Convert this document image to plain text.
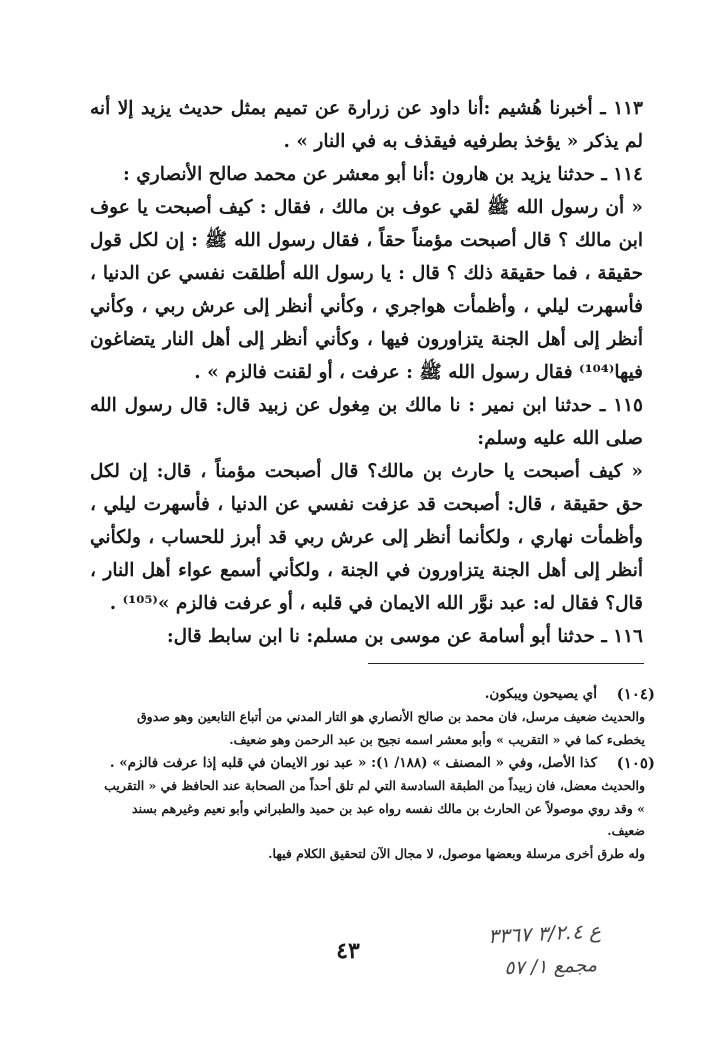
١١٣ ـ أخبرنا هُشيم :أنا داود عن زرارة عن تميم بمثل حديث يزيد إلا أنه لم يذكر « يؤخذ بطرفيه فيقذف به في النار » .

١١٤ ـ حدثنا يزيد بن هارون :أنا أبو معشر عن محمد صالح الأنصاري :

« أن رسول الله ﷺ لقي عوف بن مالك ، فقال : كيف أصبحت يا عوف ابن مالك ؟ قال أصبحت مؤمناً حقاً ، فقال رسول الله ﷺ : إن لكل قول حقيقة ، فما حقيقة ذلك ؟ قال : يا رسول الله أطلقت نفسي عن الدنيا ، فأسهرت ليلي ، وأظمأت هواجري ، وكأني أنظر إلى عرش ربي ، وكأني أنظر إلى أهل الجنة يتزاورون فيها ، وكأني أنظر إلى أهل النار يتضاغون فيها⁽¹⁰⁴⁾ فقال رسول الله ﷺ : عرفت ، أو لقنت فالزم » .

١١٥ ـ حدثنا ابن نمير : نا مالك بن مِغول عن زبيد قال: قال رسول الله صلى الله عليه وسلم:

« كيف أصبحت يا حارث بن مالك؟ قال أصبحت مؤمناً ، قال: إن لكل حق حقيقة ، قال: أصبحت قد عزفت نفسي عن الدنيا ، فأسهرت ليلي ، وأظمأت نهاري ، ولكأنما أنظر إلى عرش ربي قد أبرز للحساب ، ولكأني أنظر إلى أهل الجنة يتزاورون في الجنة ، ولكأني أسمع عواء أهل النار ، قال؟ فقال له: عبد نوَّر الله الايمان في قلبه ، أو عرفت فالزم »⁽¹⁰⁵⁾ .

١١٦ ـ حدثنا أبو أسامة عن موسى بن مسلم: نا ابن سابط قال:

(١٠٤)
أي يصيحون ويبكون.
والحديث ضعيف مرسل، فان محمد بن صالح الأنصاري هو التار المدني من أتباع التابعين وهو صدوق يخطىء كما في « التقريب » وأبو معشر اسمه نجيح بن عبد الرحمن وهو ضعيف.
(١٠٥)
كذا الأصل، وفي « المصنف » (١٨٨/ ١): « عبد نور الايمان في قلبه إذا عرفت فالزم» .
والحديث معضل، فان زبيداً من الطبقة السادسة التي لم تلق أحداً من الصحابة عند الحافظ في « التقريب » وقد روي موصولاً عن الحارث بن مالك نفسه رواه عبد بن حميد والطبراني وأبو نعيم وغيرهم بسند ضعيف.
وله طرق أخرى مرسلة وبعضها موصول، لا مجال الآن لتحقيق الكلام فيها.
ع ٣/٢.٤ ٣٣٦٧
٤٣
مجمع ١/ ٥٧
